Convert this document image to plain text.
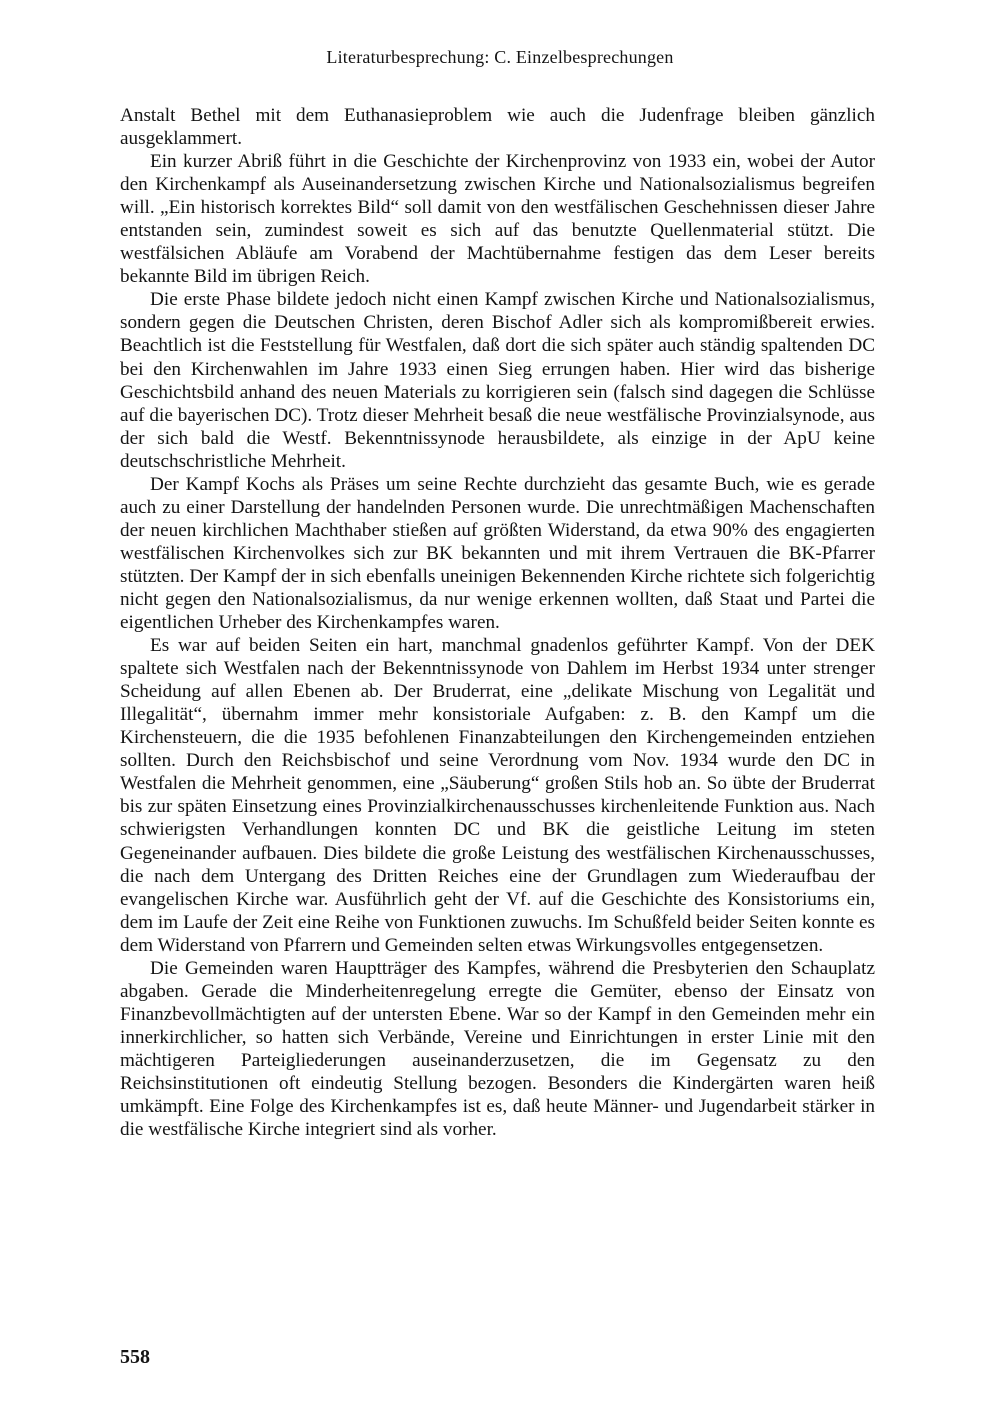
Literaturbesprechung: C. Einzelbesprechungen

Anstalt Bethel mit dem Euthanasieproblem wie auch die Judenfrage bleiben gänzlich ausgeklammert.

Ein kurzer Abriß führt in die Geschichte der Kirchenprovinz von 1933 ein, wobei der Autor den Kirchenkampf als Auseinandersetzung zwischen Kirche und Nationalsozialismus begreifen will. „Ein historisch korrektes Bild“ soll damit von den westfälischen Geschehnissen dieser Jahre entstanden sein, zumindest soweit es sich auf das benutzte Quellenmaterial stützt. Die westfälsichen Abläufe am Vorabend der Machtübernahme festigen das dem Leser bereits bekannte Bild im übrigen Reich.

Die erste Phase bildete jedoch nicht einen Kampf zwischen Kirche und Nationalsozialismus, sondern gegen die Deutschen Christen, deren Bischof Adler sich als kompromißbereit erwies. Beachtlich ist die Feststellung für Westfalen, daß dort die sich später auch ständig spaltenden DC bei den Kirchenwahlen im Jahre 1933 einen Sieg errungen haben. Hier wird das bisherige Geschichtsbild anhand des neuen Materials zu korrigieren sein (falsch sind dagegen die Schlüsse auf die bayerischen DC). Trotz dieser Mehrheit besaß die neue westfälische Provinzialsynode, aus der sich bald die Westf. Bekenntnissynode herausbildete, als einzige in der ApU keine deutschschristliche Mehrheit.

Der Kampf Kochs als Präses um seine Rechte durchzieht das gesamte Buch, wie es gerade auch zu einer Darstellung der handelnden Personen wurde. Die unrechtmäßigen Machenschaften der neuen kirchlichen Machthaber stießen auf größten Widerstand, da etwa 90% des engagierten westfälischen Kirchenvolkes sich zur BK bekannten und mit ihrem Vertrauen die BK-Pfarrer stützten. Der Kampf der in sich ebenfalls uneinigen Bekennenden Kirche richtete sich folgerichtig nicht gegen den Nationalsozialismus, da nur wenige erkennen wollten, daß Staat und Partei die eigentlichen Urheber des Kirchenkampfes waren.

Es war auf beiden Seiten ein hart, manchmal gnadenlos geführter Kampf. Von der DEK spaltete sich Westfalen nach der Bekenntnissynode von Dahlem im Herbst 1934 unter strenger Scheidung auf allen Ebenen ab. Der Bruderrat, eine „delikate Mischung von Legalität und Illegalität“, übernahm immer mehr konsistoriale Aufgaben: z. B. den Kampf um die Kirchensteuern, die die 1935 befohlenen Finanzabteilungen den Kirchengemeinden entziehen sollten. Durch den Reichsbischof und seine Verordnung vom Nov. 1934 wurde den DC in Westfalen die Mehrheit genommen, eine „Säuberung“ großen Stils hob an. So übte der Bruderrat bis zur späten Einsetzung eines Provinzialkirchenausschusses kirchenleitende Funktion aus. Nach schwierigsten Verhandlungen konnten DC und BK die geistliche Leitung im steten Gegeneinander aufbauen. Dies bildete die große Leistung des westfälischen Kirchenausschusses, die nach dem Untergang des Dritten Reiches eine der Grundlagen zum Wiederaufbau der evangelischen Kirche war. Ausführlich geht der Vf. auf die Geschichte des Konsistoriums ein, dem im Laufe der Zeit eine Reihe von Funktionen zuwuchs. Im Schußfeld beider Seiten konnte es dem Widerstand von Pfarrern und Gemeinden selten etwas Wirkungsvolles entgegensetzen.

Die Gemeinden waren Hauptträger des Kampfes, während die Presbyterien den Schauplatz abgaben. Gerade die Minderheitenregelung erregte die Gemüter, ebenso der Einsatz von Finanzbevollmächtigten auf der untersten Ebene. War so der Kampf in den Gemeinden mehr ein innerkirchlicher, so hatten sich Verbände, Vereine und Einrichtungen in erster Linie mit den mächtigeren Parteigliederungen auseinanderzusetzen, die im Gegensatz zu den Reichsinstitutionen oft eindeutig Stellung bezogen. Besonders die Kindergärten waren heiß umkämpft. Eine Folge des Kirchenkampfes ist es, daß heute Männer- und Jugendarbeit stärker in die westfälische Kirche integriert sind als vorher.

558
